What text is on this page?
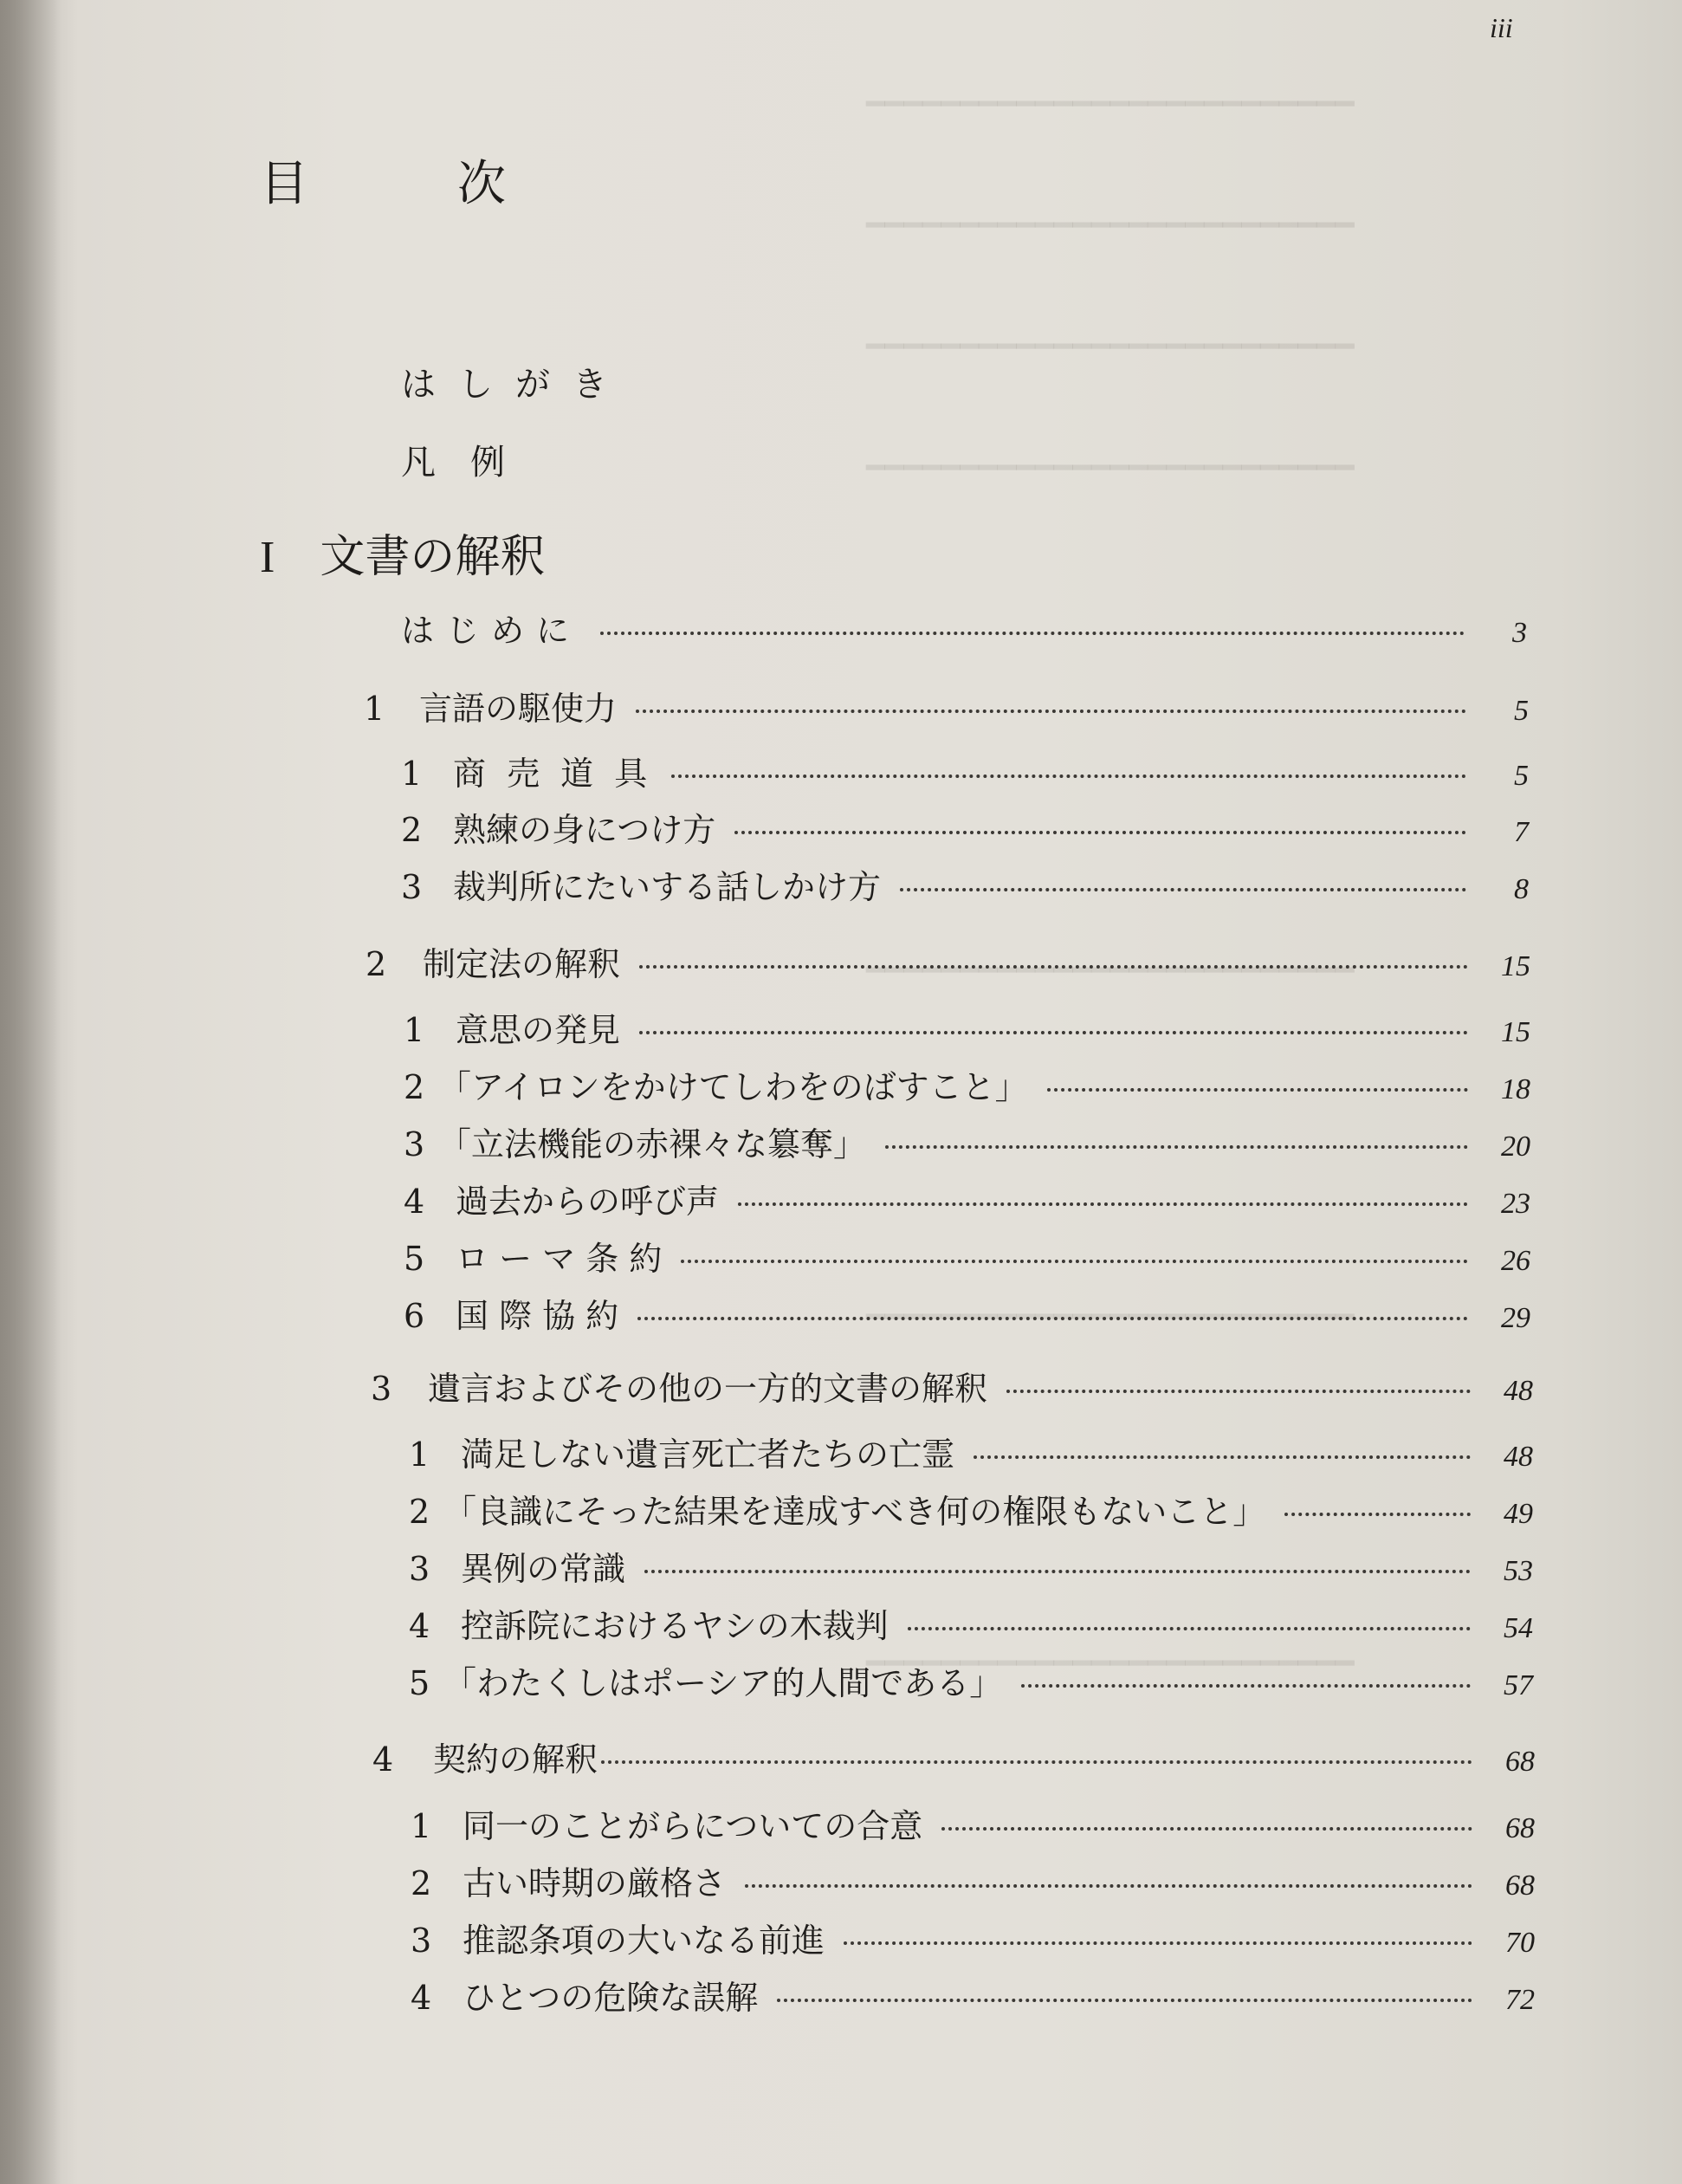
━━━━━━━━━━━━━━━━━━━━━━━━━━
━━━━━━━━━━━━━━━━━━━━━━━━━━
━━━━━━━━━━━━━━━━━━━━━━━━━━
━━━━━━━━━━━━━━━━━━━━━━━━━━
━━━━━━━━━━━━━━━━━━━━━━━━━━
━━━━━━━━━━━━━━━━━━━━━━━━━━
━━━━━━━━━━━━━━━━━━━━━━━━━━
iii
目	次
はしがき
凡　例
I 文書の解釈
はじめに	3
1	言語の駆使力	5
1 商 売 道 具	5
2 熟練の身につけ方	7
3 裁判所にたいする話しかけ方	8
2	制定法の解釈	15
1 意思の発見	15
2 「アイロンをかけてしわをのばすこと」	18
3 「立法機能の赤裸々な簒奪」	20
4 過去からの呼び声	23
5 ロ ー マ 条 約	26
6 国 際 協 約	29
3	遺言およびその他の一方的文書の解釈	48
1 満足しない遺言死亡者たちの亡霊	48
2 「良識にそった結果を達成すべき何の権限もないこと」	49
3 異例の常識	53
4 控訴院におけるヤシの木裁判	54
5 「わたくしはポーシア的人間である」	57
4	契約の解釈	68
1 同一のことがらについての合意	68
2 古い時期の厳格さ	68
3 推認条項の大いなる前進	70
4 ひとつの危険な誤解	72
